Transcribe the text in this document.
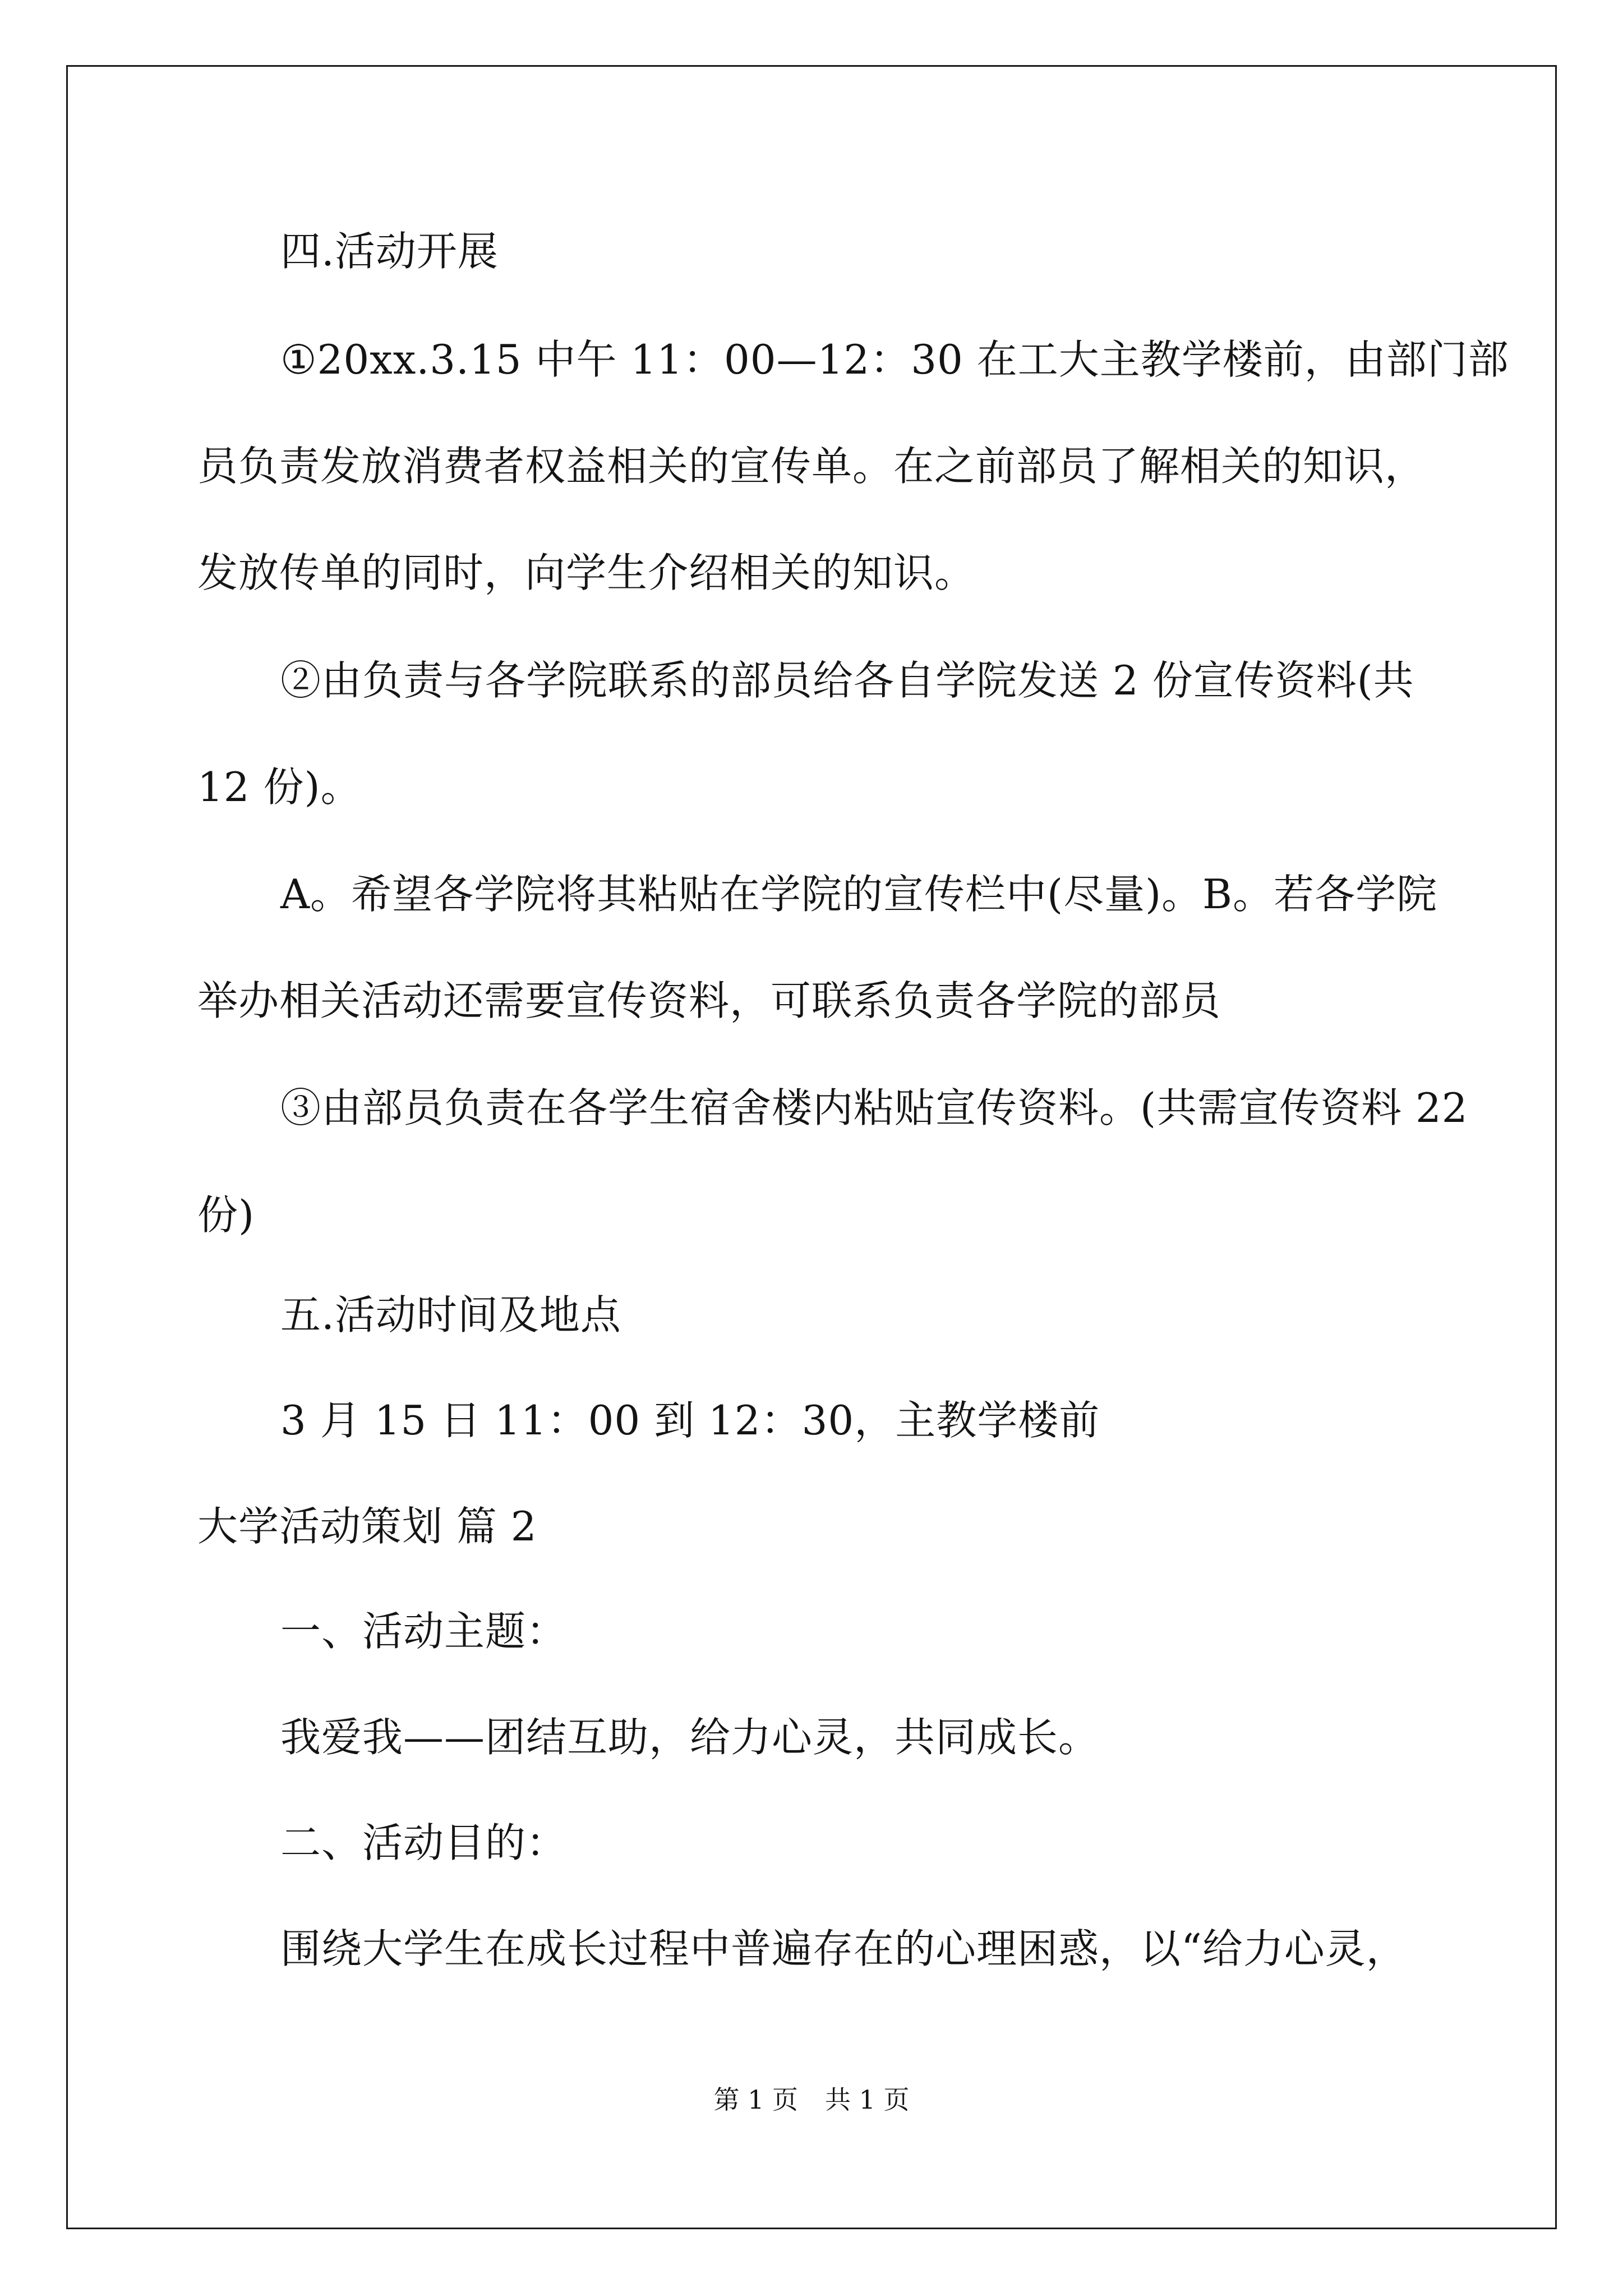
四.活动开展
①20xx.3.15 中午 11：00—12：30 在工大主教学楼前，由部门部
员负责发放消费者权益相关的宣传单。在之前部员了解相关的知识，
发放传单的同时，向学生介绍相关的知识。
②由负责与各学院联系的部员给各自学院发送 2 份宣传资料(共
12 份)。
A。希望各学院将其粘贴在学院的宣传栏中(尽量)。B。若各学院
举办相关活动还需要宣传资料，可联系负责各学院的部员
③由部员负责在各学生宿舍楼内粘贴宣传资料。(共需宣传资料 22
份)
五.活动时间及地点
3 月 15 日 11：00 到 12：30，主教学楼前
大学活动策划 篇 2
一、活动主题：
我爱我——团结互助，给力心灵，共同成长。
二、活动目的：
围绕大学生在成长过程中普遍存在的心理困惑，以“给力心灵，
第 1 页 共 1 页
